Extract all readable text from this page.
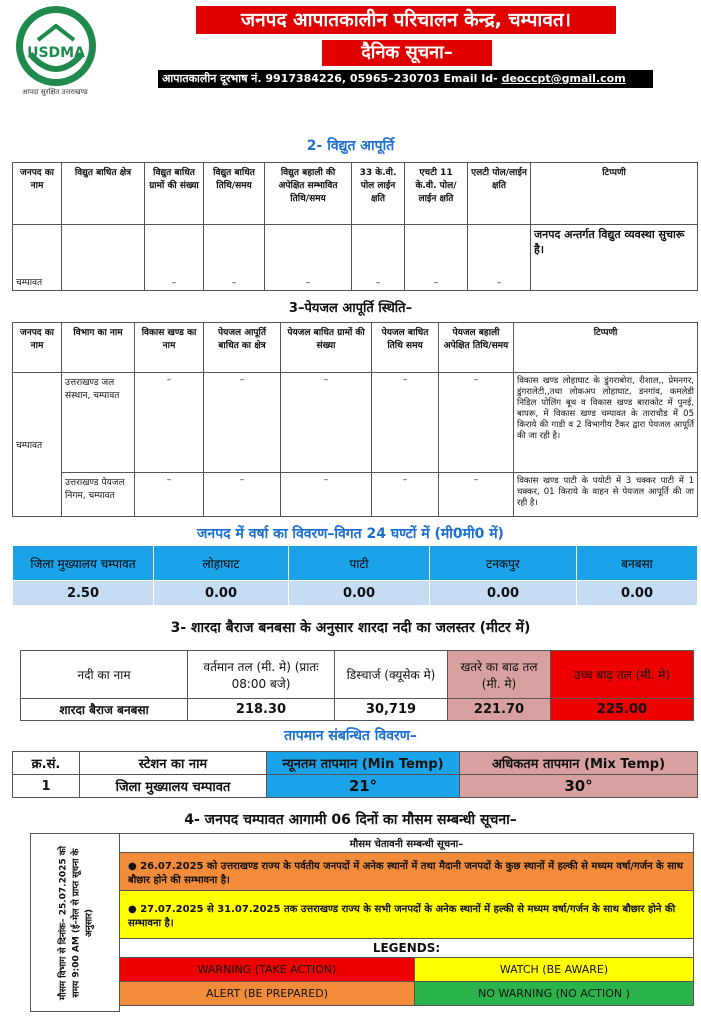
USDMA
आपदा सुरक्षित उत्तराखण्ड
जनपद आपातकालीन परिचालन केन्द्र, चम्पावत।
दैनिक सूचना–
आपातकालीन दूरभाष नं. 9917384226, 05965–230703 Email Id- deoccpt@gmail.com
2- विद्युत आपूर्ति
जनपद का नाम	विद्युत बाधित क्षेत्र	विद्युत बाधित ग्रामों की संख्या	विद्युत बाधित तिथि/समय	विद्युत बहाली की अपेक्षित सम्भावित तिथि/समय	33 के.वी. पोल लाईन क्षति	एचटी 11 के.वी. पोल/लाईन क्षति	एलटी पोल/लाईन क्षति	टिप्पणी
चम्पावत		–	–	–	–	–	–	जनपद अन्तर्गत विद्युत व्यवस्था सुचारू है।
3–पेयजल आपूर्ति स्थिति–
जनपद का नाम	विभाग का नाम	विकास खण्ड का नाम	पेयजल आपूर्ति बाधित का क्षेत्र	पेयजल बाधित ग्रामों की संख्या	पेयजल बाधित तिथि समय	पेयजल बहाली अपेक्षित तिथि/समय	टिप्पणी
चम्पावत	उत्तराखण्ड जल संस्थान, चम्पावत	–	–	–	–	–	विकास खण्ड लोहाघाट के डुंगराबोरा, रीशाल,, प्रेमनगर, डुंगरालेटी,,तथा लोकअप लोहाघाट, डनगांव, कमलेडी निडिल पोलिंग बूथ व विकास खण्ड बाराकोट में पुनई, बापरू, में विकास खण्ड चम्पावत के ताराचौड में 05 किराये की गाडी व 2 विभागीय टैंकर द्वारा पेयजल आपूर्ति की जा रही है।
	उत्तराखण्ड पेयजल निगम, चम्पावत	–	–	–	–	–	विकास खण्ड पाटी के पयोटी में 3 चक्कर पाटी में 1 चक्कर, 01 किराये के वाहन से पेयजल आपूर्ति की जा रही है।
जनपद में वर्षा का विवरण–विगत 24 घण्टों में (मी0मी0 में)
जिला मुख्यालय चम्पावत	लोहाघाट	पाटी	टनकपुर	बनबसा
2.50	0.00	0.00	0.00	0.00
3- शारदा बैराज बनबसा के अनुसार शारदा नदी का जलस्तर (मीटर में)
नदी का नाम	वर्तमान तल (मी. मे) (प्रातः 08:00 बजे)	डिस्चार्ज (क्यूसेक मे)	खतरे का बाढ तल (मी. मे)	उच्च बाढ़ तल (मी. मे)
शारदा बैराज बनबसा	218.30	30,719	221.70	225.00
तापमान संबन्धित विवरण–
क्र.सं.	स्टेशन का नाम	न्यूनतम तापमान (Min Temp)	अधिकतम तापमान (Mix Temp)
1	जिला मुख्यालय चम्पावत	21°	30°
4- जनपद चम्पावत आगामी 06 दिनों का मौसम सम्बन्धी सूचना–
मौसम विभाग से दिनांक– 25.07.2025 को समय 9:00 AM (ई–मेल से प्राप्त सूचना के अनुसार)	मौसम चेतावनी सम्बन्धी सूचना–	
	● 26.07.2025 को उत्तराखण्ड राज्य के पर्वतीय जनपदों में अनेक स्थानों में तथा मैदानी जनपदों के कुछ स्थानों में हल्की से मध्यम वर्षा/गर्जन के साथ बौछार होने की सम्भावना है।	
	● 27.07.2025 से 31.07.2025 तक उत्तराखण्ड राज्य के सभी जनपदों के अनेक स्थानों में हल्की से मध्यम वर्षा/गर्जन के साथ बौछार होने की सम्भावना है।	
	LEGENDS:	
	WARNING (TAKE ACTION)	WATCH (BE AWARE)
	ALERT (BE PREPARED)	NO WARNING (NO ACTION )
